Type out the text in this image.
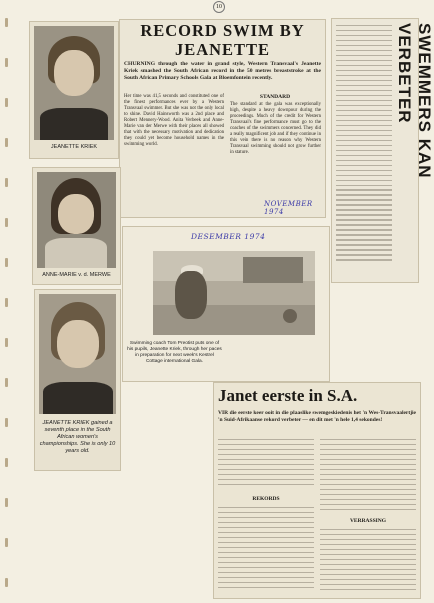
10
RECORD SWIM BY JEANETTE
CHURNING through the water in grand style, Western Transvaal's Jeanette Kriek smashed the South African record in the 50 metres breaststroke at the South African Primary Schools Gala at Bloemfontein recently.
Her time was 41,5 seconds and constituted one of the finest performances ever by a Western Transvaal swimmer. But she was not the only local to shine. David Hainsworth was a 2nd place and Robert Mennery-Wood. Anita Verbeek and Anne-Marie van der Merwe with their places all showed that with the necessary motivation and dedication they could yet become household names in the swimming world.
STANDARD
The standard at the gala was exceptionally high, despite a heavy downpour during the proceedings. Much of the credit for Western Transvaal's fine performance must go to the coaches of the swimmers concerned. They did a really magnificent job and if they continue in this vein there is no reason why Western Transvaal swimming should not grow further in stature.
NOVEMBER 1974
JEANETTE KRIEK
ANNE-MARIE v. d. MERWE
JEANETTE KRIEK gained a seventh place in the South African women's championships. She is only 10 years old.
DESEMBER 1974
Swimming coach Tom Preotist puts one of his pupils, Jeanette Kriek, through her paces in preparation for next week's Kestrel Cottage international Gala.
SWEMMERS KAN VERBETER
Janet eerste in S.A.
VIR die eerste keer ooit in die plaaslike swemgeskiedenis het 'n Wes-Transvaalertjie 'n Suid-Afrikaanse rekord verbeter — en dit met 'n hele 1,4 sekondes!
REKORDS
VERRASSING
